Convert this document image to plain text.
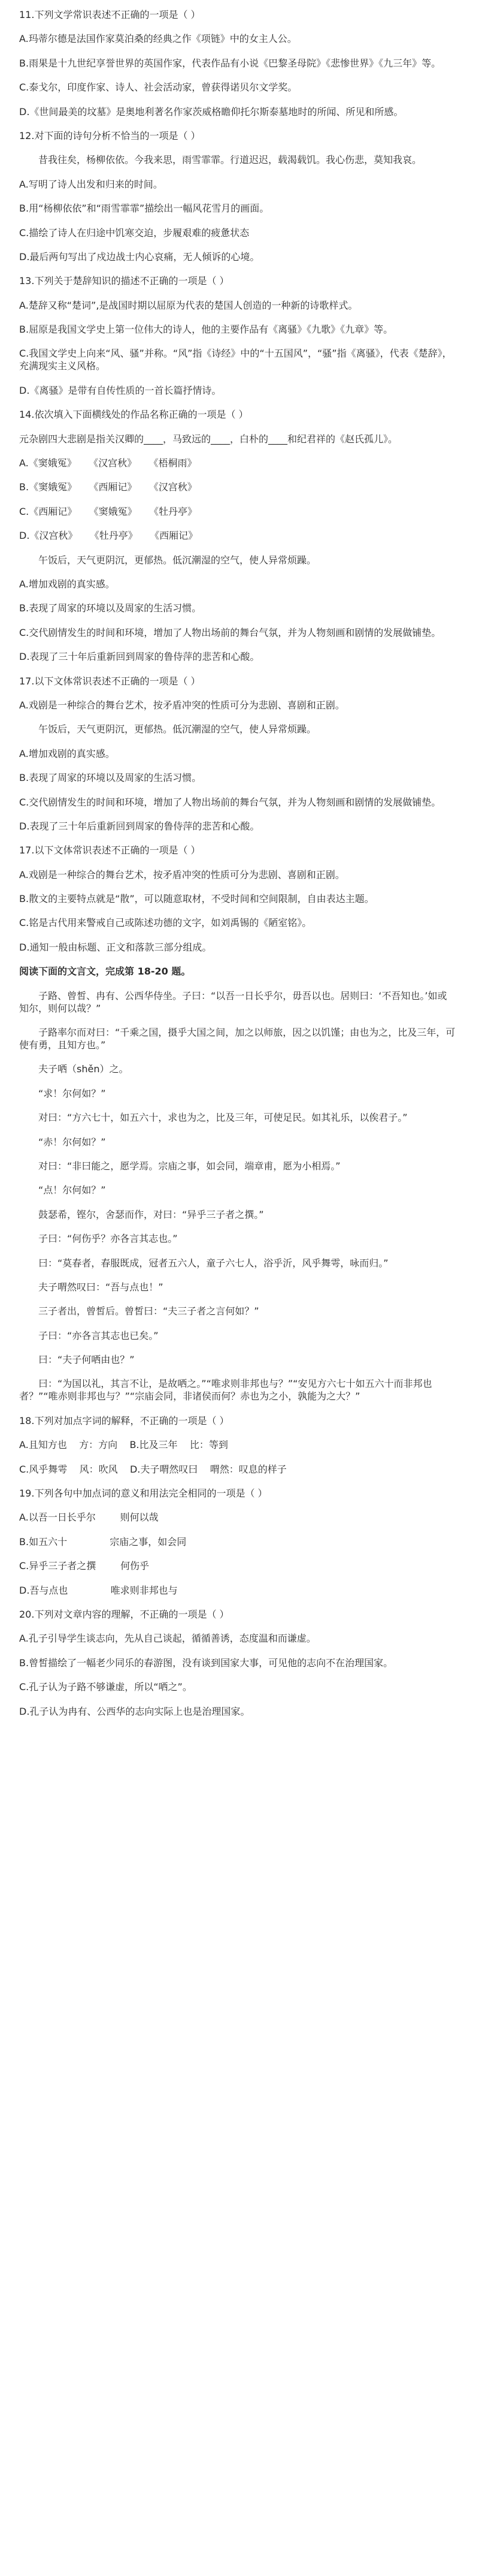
11.下列文学常识表述不正确的一项是（ ）

A.玛蒂尔德是法国作家莫泊桑的经典之作《项链》中的女主人公。

B.雨果是十九世纪享誉世界的英国作家，代表作品有小说《巴黎圣母院》《悲惨世界》《九三年》等。

C.泰戈尔，印度作家、诗人、社会活动家，曾获得诺贝尔文学奖。

D.《世间最美的坟墓》是奥地利著名作家茨威格瞻仰托尔斯泰墓地时的所闻、所见和所感。

12.对下面的诗句分析不恰当的一项是（ ）

昔我往矣，杨柳依依。今我来思，雨雪霏霏。行道迟迟，载渴载饥。我心伤悲，莫知我哀。

A.写明了诗人出发和归来的时间。

B.用“杨柳依依”和“雨雪霏霏”描绘出一幅风花雪月的画面。

C.描绘了诗人在归途中饥寒交迫，步履艰难的疲惫状态

D.最后两句写出了戍边战士内心哀痛，无人倾诉的心境。

13.下列关于楚辞知识的描述不正确的一项是（ ）

A.楚辞又称“楚词”,是战国时期以屈原为代表的楚国人创造的一种新的诗歌样式。

B.屈原是我国文学史上第一位伟大的诗人，他的主要作品有《离骚》《九歌》《九章》等。

C.我国文学史上向来“风、骚”并称。“风”指《诗经》中的“十五国风”，“骚”指《离骚》，代表《楚辞》，充满现实主义风格。

D.《离骚》是带有自传性质的一首长篇抒情诗。

14.依次填入下面横线处的作品名称正确的一项是（ ）

元杂剧四大悲剧是指关汉卿的____，马致远的____，白朴的____和纪君祥的《赵氏孤儿》。

A.《窦娥冤》    《汉宫秋》    《梧桐雨》

B.《窦娥冤》    《西厢记》    《汉宫秋》

C.《西厢记》    《窦娥冤》    《牡丹亭》

D.《汉宫秋》    《牡丹亭》    《西厢记》

午饭后，天气更阴沉，更郁热。低沉潮湿的空气，使人异常烦躁。

A.增加戏剧的真实感。

B.表现了周家的环境以及周家的生活习惯。

C.交代剧情发生的时间和环境，增加了人物出场前的舞台气氛，并为人物刻画和剧情的发展做铺垫。

D.表现了三十年后重新回到周家的鲁侍萍的悲苦和心酸。

17.以下文体常识表述不正确的一项是（ ）

A.戏剧是一种综合的舞台艺术，按矛盾冲突的性质可分为悲剧、喜剧和正剧。

午饭后，天气更阴沉，更郁热。低沉潮湿的空气，使人异常烦躁。

A.增加戏剧的真实感。

B.表现了周家的环境以及周家的生活习惯。

C.交代剧情发生的时间和环境，增加了人物出场前的舞台气氛，并为人物刻画和剧情的发展做铺垫。

D.表现了三十年后重新回到周家的鲁侍萍的悲苦和心酸。

17.以下文体常识表述不正确的一项是（ ）

A.戏剧是一种综合的舞台艺术，按矛盾冲突的性质可分为悲剧、喜剧和正剧。

B.散文的主要特点就是“散”，可以随意取材，不受时间和空间限制，自由表达主题。

C.铭是古代用来警戒自己或陈述功德的文字，如刘禹锡的《陋室铭》。

D.通知一般由标题、正文和落款三部分组成。

阅读下面的文言文，完成第 18-20 题。

子路、曾皙、冉有、公西华侍坐。子曰：“以吾一日长乎尔，毋吾以也。居则曰：‘不吾知也。’如或知尔，则何以哉？”

子路率尔而对曰：“千乘之国，摄乎大国之间，加之以师旅，因之以饥馑；由也为之，比及三年，可使有勇，且知方也。”

夫子哂（shěn）之。

“求！尔何如？”

对曰：“方六七十，如五六十，求也为之，比及三年，可使足民。如其礼乐，以俟君子。”

“赤！尔何如？”

对曰：“非曰能之，愿学焉。宗庙之事，如会同，端章甫，愿为小相焉。”

“点！尔何如？”

鼓瑟希，铿尔，舍瑟而作，对曰：“异乎三子者之撰。”

子曰：“何伤乎？亦各言其志也。”

曰：“莫春者，春服既成，冠者五六人，童子六七人，浴乎沂，风乎舞雩，咏而归。”

夫子喟然叹曰：“吾与点也！”

三子者出，曾皙后。曾皙曰：“夫三子者之言何如？”

子曰：“亦各言其志也已矣。”

曰：“夫子何哂由也？”

曰：“为国以礼，其言不让，是故哂之。”“唯求则非邦也与？”“安见方六七十如五六十而非邦也者？”“唯赤则非邦也与？”“宗庙会同，非诸侯而何？赤也为之小，孰能为之大？”

18.下列对加点字词的解释，不正确的一项是（ ）

A.且知方也    方：方向    B.比及三年    比：等到

C.风乎舞雩    风：吹风    D.夫子喟然叹曰    喟然：叹息的样子

19.下列各句中加点词的意义和用法完全相同的一项是（ ）

A.以吾一日长乎尔        则何以哉

B.如五六十              宗庙之事，如会同

C.异乎三子者之撰        何伤乎

D.吾与点也              唯求则非邦也与

20.下列对文章内容的理解，不正确的一项是（ ）

A.孔子引导学生谈志向，先从自己谈起，循循善诱，态度温和而谦虚。

B.曾皙描绘了一幅老少同乐的春游图，没有谈到国家大事，可见他的志向不在治理国家。

C.孔子认为子路不够谦虚，所以“哂之”。

D.孔子认为冉有、公西华的志向实际上也是治理国家。
